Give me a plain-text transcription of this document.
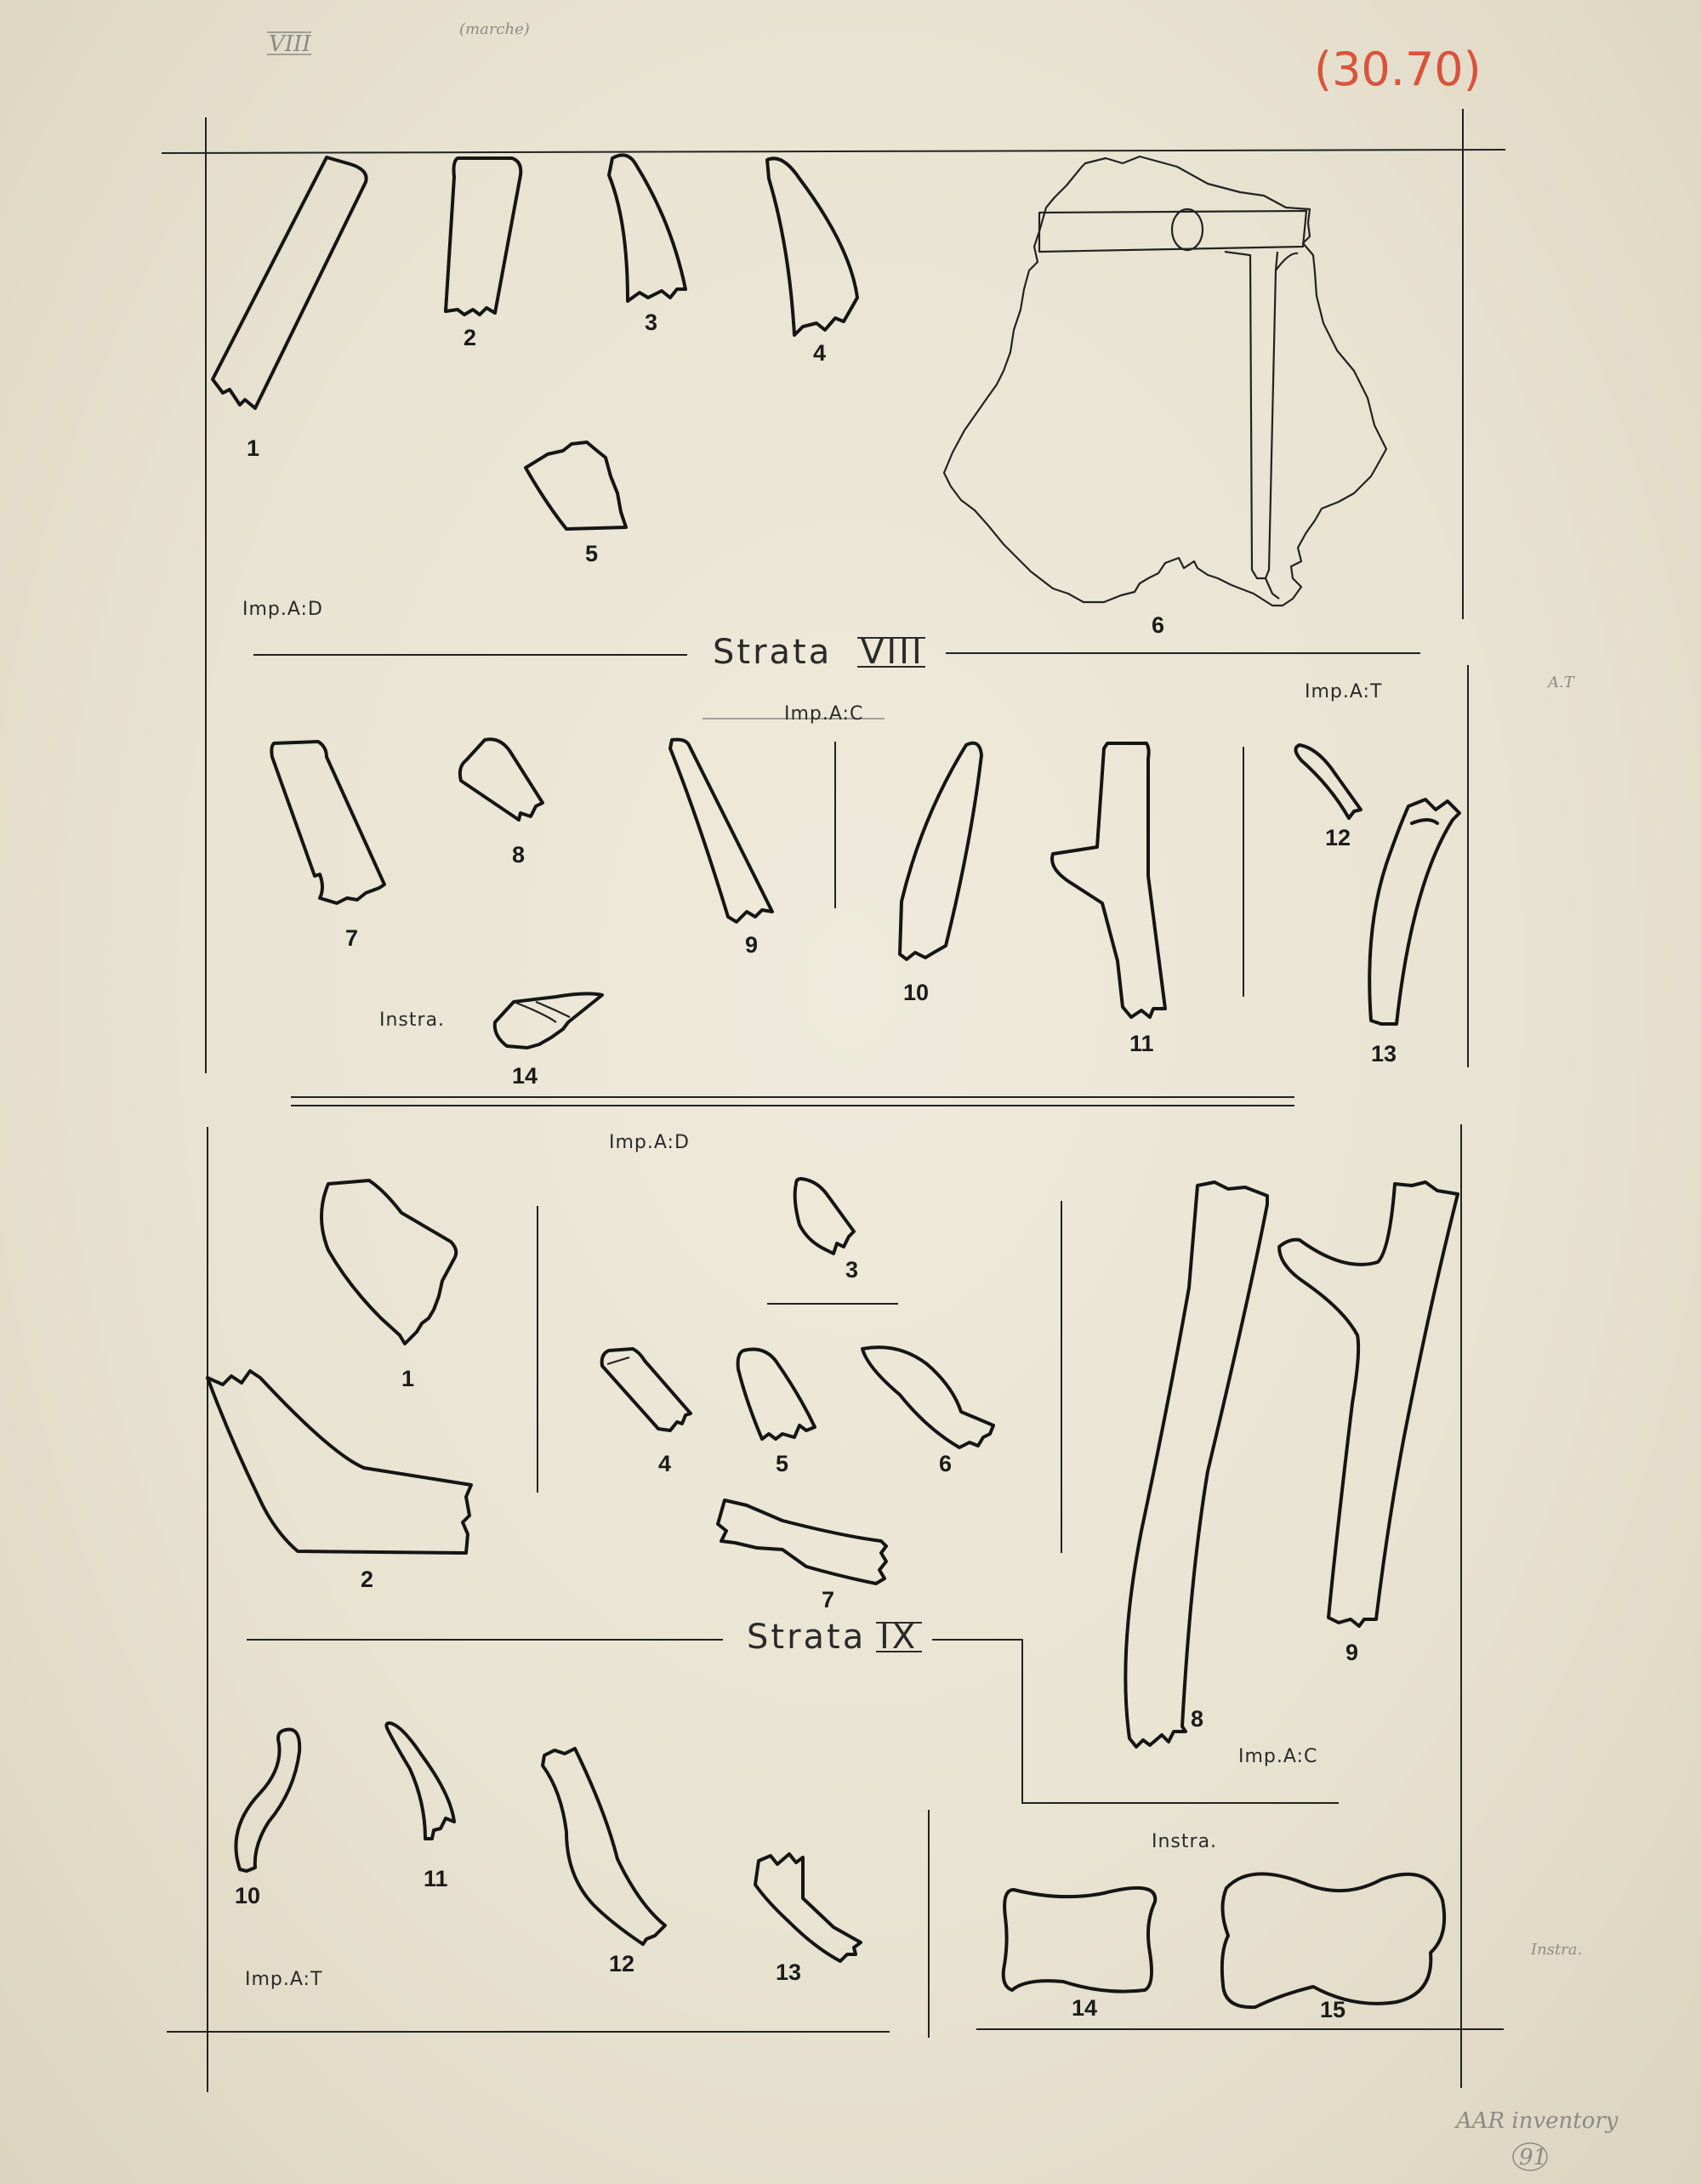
VIII
(marche)
(30.70)
Strata VIII
Strata IX
Imp.A:D
Imp.A:C
Imp.A:T
Instra.
Imp.A:D
Imp.A:C
Imp.A:T
Instra.
1
2
3
4
5
6
7
8
9
10
11
12
13
14
1
2
3
4	5	6
7
8
9
10
11
12	13
14	15
A.T
Instra.
AAR inventory
91
